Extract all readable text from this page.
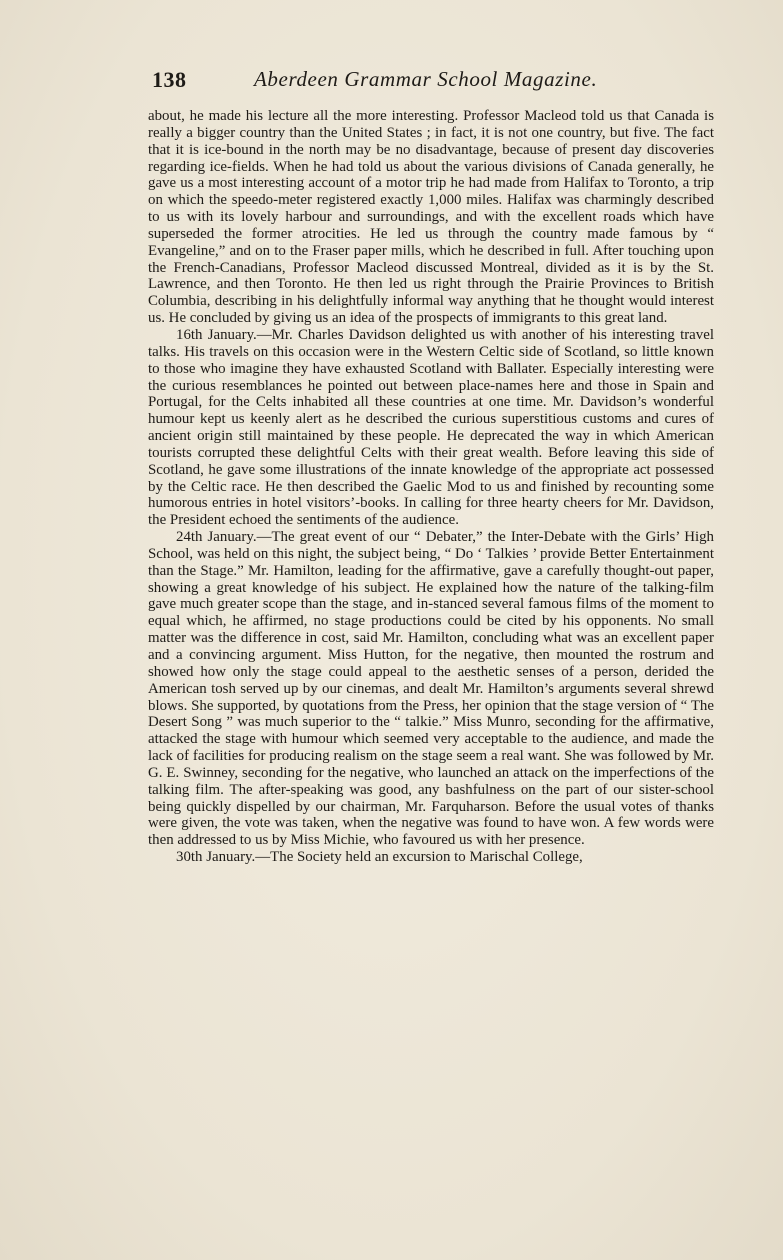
138	Aberdeen Grammar School Magazine.

about, he made his lecture all the more interesting. Professor Macleod told us that Canada is really a bigger country than the United States ; in fact, it is not one country, but five. The fact that it is ice-bound in the north may be no disadvantage, because of present day discoveries regarding ice-fields. When he had told us about the various divisions of Canada generally, he gave us a most interesting account of a motor trip he had made from Halifax to Toronto, a trip on which the speedo-meter registered exactly 1,000 miles. Halifax was charmingly described to us with its lovely harbour and surroundings, and with the excellent roads which have superseded the former atrocities. He led us through the country made famous by “ Evangeline,” and on to the Fraser paper mills, which he described in full. After touching upon the French-Canadians, Professor Macleod discussed Montreal, divided as it is by the St. Lawrence, and then Toronto. He then led us right through the Prairie Provinces to British Columbia, describing in his delightfully informal way anything that he thought would interest us. He concluded by giving us an idea of the prospects of immigrants to this great land.

16th January.—Mr. Charles Davidson delighted us with another of his interesting travel talks. His travels on this occasion were in the Western Celtic side of Scotland, so little known to those who imagine they have exhausted Scotland with Ballater. Especially interesting were the curious resemblances he pointed out between place-names here and those in Spain and Portugal, for the Celts inhabited all these countries at one time. Mr. Davidson’s wonderful humour kept us keenly alert as he described the curious superstitious customs and cures of ancient origin still maintained by these people. He deprecated the way in which American tourists corrupted these delightful Celts with their great wealth. Before leaving this side of Scotland, he gave some illustrations of the innate knowledge of the appropriate act possessed by the Celtic race. He then described the Gaelic Mod to us and finished by recounting some humorous entries in hotel visitors’-books. In calling for three hearty cheers for Mr. Davidson, the President echoed the sentiments of the audience.

24th January.—The great event of our “ Debater,” the Inter-Debate with the Girls’ High School, was held on this night, the subject being, “ Do ‘ Talkies ’ provide Better Entertainment than the Stage.” Mr. Hamilton, leading for the affirmative, gave a carefully thought-out paper, showing a great knowledge of his subject. He explained how the nature of the talking-film gave much greater scope than the stage, and in-stanced several famous films of the moment to equal which, he affirmed, no stage productions could be cited by his opponents. No small matter was the difference in cost, said Mr. Hamilton, concluding what was an excellent paper and a convincing argument. Miss Hutton, for the negative, then mounted the rostrum and showed how only the stage could appeal to the aesthetic senses of a person, derided the American tosh served up by our cinemas, and dealt Mr. Hamilton’s arguments several shrewd blows. She supported, by quotations from the Press, her opinion that the stage version of “ The Desert Song ” was much superior to the “ talkie.” Miss Munro, seconding for the affirmative, attacked the stage with humour which seemed very acceptable to the audience, and made the lack of facilities for producing realism on the stage seem a real want. She was followed by Mr. G. E. Swinney, seconding for the negative, who launched an attack on the imperfections of the talking film. The after-speaking was good, any bashfulness on the part of our sister-school being quickly dispelled by our chairman, Mr. Farquharson. Before the usual votes of thanks were given, the vote was taken, when the negative was found to have won. A few words were then addressed to us by Miss Michie, who favoured us with her presence.

30th January.—The Society held an excursion to Marischal College,
